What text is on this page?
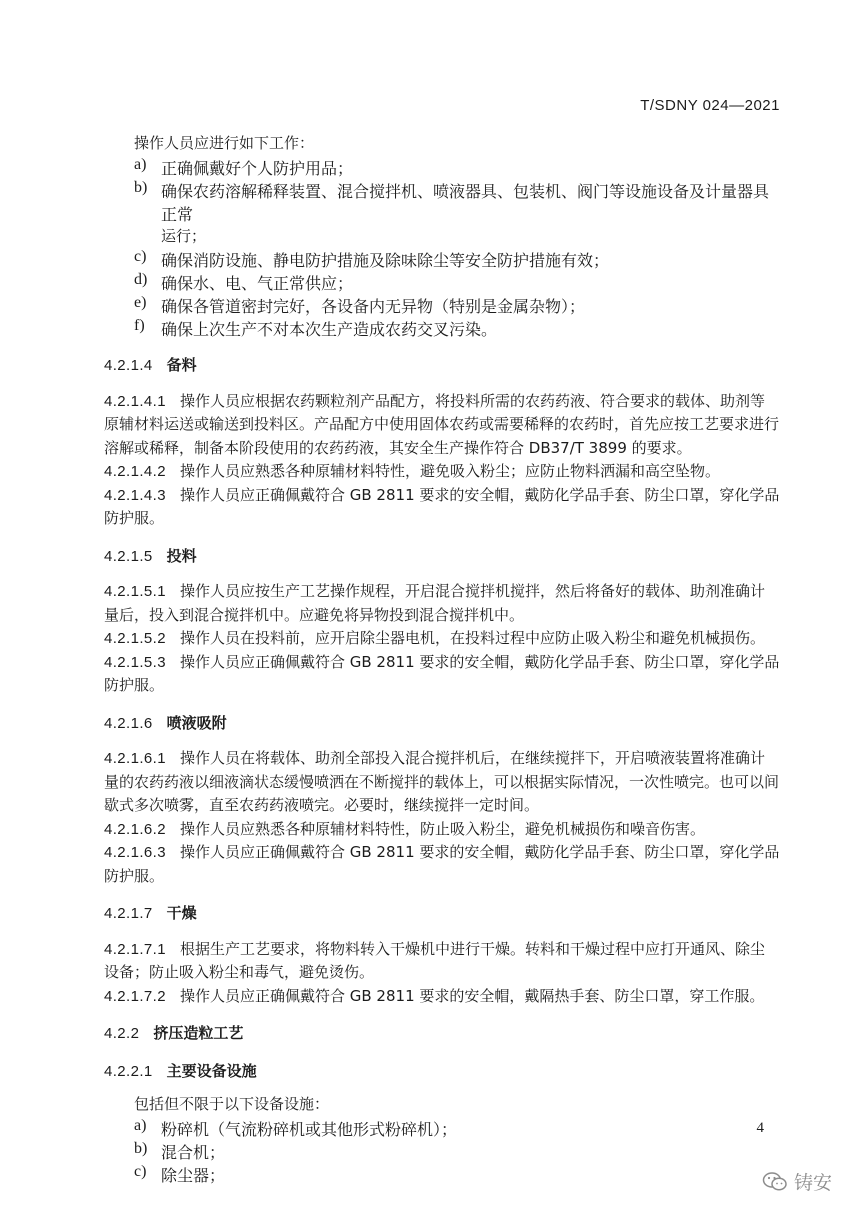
T/SDNY 024—2021

操作人员应进行如下工作：

a) 正确佩戴好个人防护用品；
b) 确保农药溶解稀释装置、混合搅拌机、喷液器具、包装机、阀门等设施设备及计量器具正常

运行；

c) 确保消防设施、静电防护措施及除味除尘等安全防护措施有效；
d) 确保水、电、气正常供应；
e) 确保各管道密封完好，各设备内无异物（特别是金属杂物）；
f)	确保上次生产不对本次生产造成农药交叉污染。

4.2.1.4 备料

4.2.1.4.1 操作人员应根据农药颗粒剂产品配方，将投料所需的农药药液、符合要求的载体、助剂等

原辅材料运送或输送到投料区。产品配方中使用固体农药或需要稀释的农药时，首先应按工艺要求进行

溶解或稀释，制备本阶段使用的农药药液，其安全生产操作符合 DB37/T 3899 的要求。

4.2.1.4.2 操作人员应熟悉各种原辅材料特性，避免吸入粉尘；应防止物料洒漏和高空坠物。

4.2.1.4.3 操作人员应正确佩戴符合 GB 2811 要求的安全帽，戴防化学品手套、防尘口罩，穿化学品

防护服。

4.2.1.5 投料

4.2.1.5.1 操作人员应按生产工艺操作规程，开启混合搅拌机搅拌，然后将备好的载体、助剂准确计

量后，投入到混合搅拌机中。应避免将异物投到混合搅拌机中。

4.2.1.5.2 操作人员在投料前，应开启除尘器电机，在投料过程中应防止吸入粉尘和避免机械损伤。

4.2.1.5.3 操作人员应正确佩戴符合 GB 2811 要求的安全帽，戴防化学品手套、防尘口罩，穿化学品

防护服。

4.2.1.6 喷液吸附

4.2.1.6.1 操作人员在将载体、助剂全部投入混合搅拌机后，在继续搅拌下，开启喷液装置将准确计

量的农药药液以细液滴状态缓慢喷洒在不断搅拌的载体上，可以根据实际情况，一次性喷完。也可以间

歇式多次喷雾，直至农药药液喷完。必要时，继续搅拌一定时间。

4.2.1.6.2 操作人员应熟悉各种原辅材料特性，防止吸入粉尘，避免机械损伤和噪音伤害。

4.2.1.6.3 操作人员应正确佩戴符合 GB 2811 要求的安全帽，戴防化学品手套、防尘口罩，穿化学品

防护服。

4.2.1.7 干燥

4.2.1.7.1 根据生产工艺要求，将物料转入干燥机中进行干燥。转料和干燥过程中应打开通风、除尘

设备；防止吸入粉尘和毒气，避免烫伤。

4.2.1.7.2 操作人员应正确佩戴符合 GB 2811 要求的安全帽，戴隔热手套、防尘口罩，穿工作服。

4.2.2 挤压造粒工艺

4.2.2.1 主要设备设施

包括但不限于以下设备设施：

a) 粉碎机（气流粉碎机或其他形式粉碎机）；
b) 混合机；
c) 除尘器；
4
铸安
